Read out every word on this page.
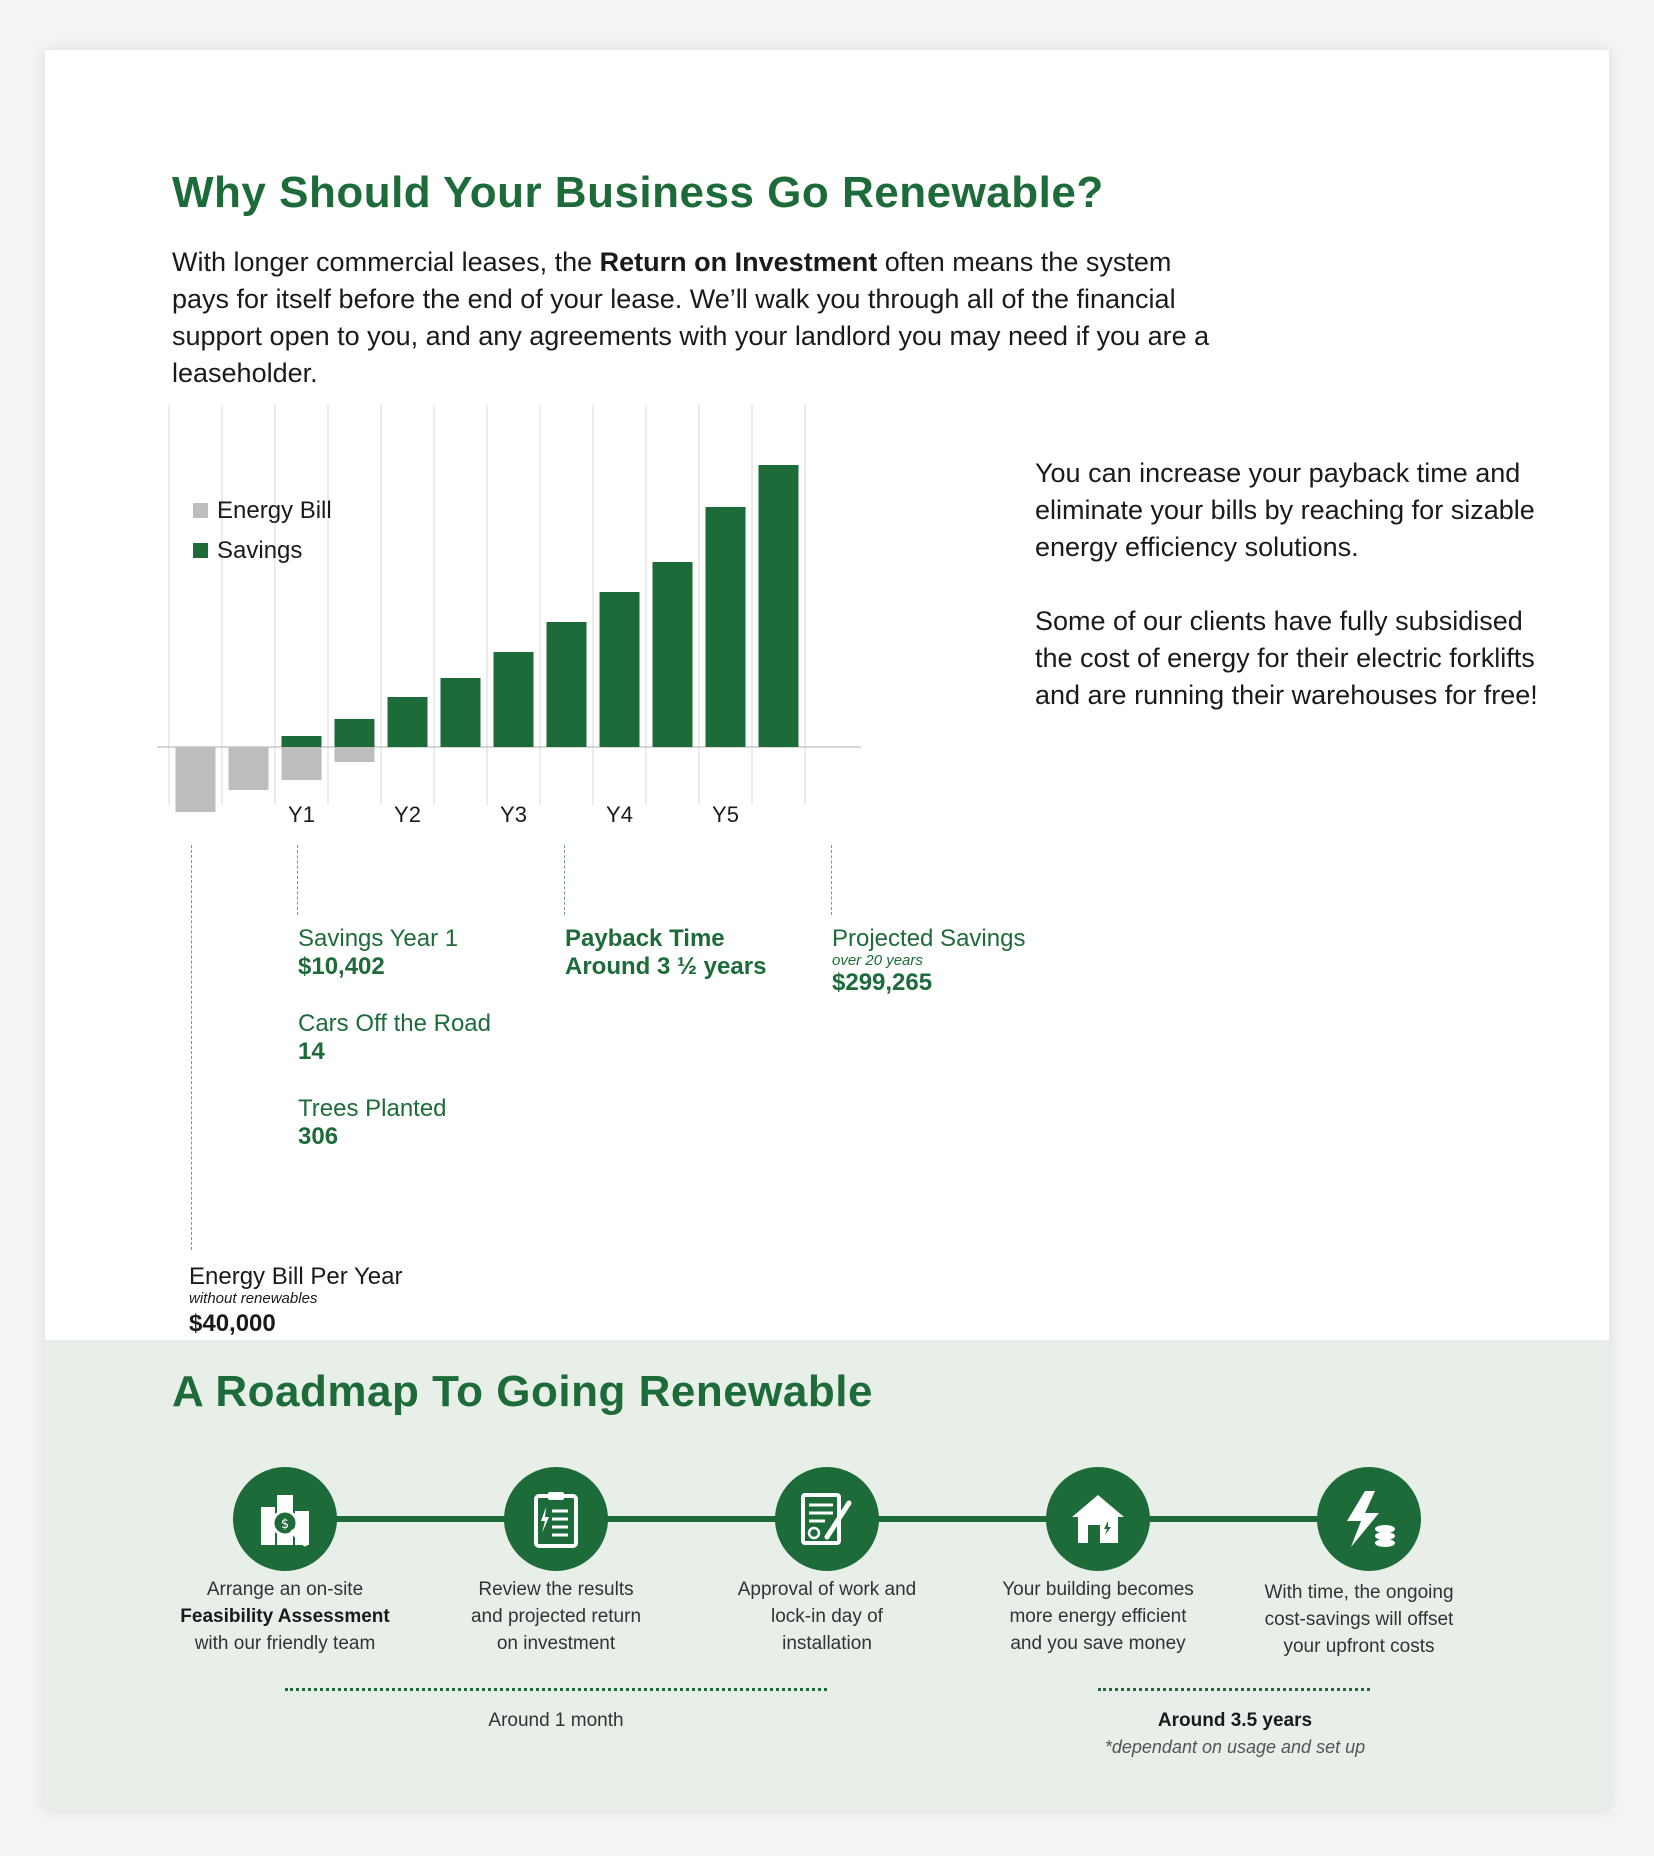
Why Should Your Business Go Renewable?

With longer commercial leases, the Return on Investment often means the system pays for itself before the end of your lease. We’ll walk you through all of the financial support open to you, and any agreements with your landlord you may need if you are a leaseholder.

Y1	Y2	Y3	Y4	Y5
Energy Bill
Savings

You can increase your payback time and eliminate your bills by reaching for sizable energy efficiency solutions.

Some of our clients have fully subsidised the cost of energy for their electric forklifts and are running their warehouses for free!

Savings Year 1
$10,402
Cars Off the Road
14
Trees Planted
306
Payback Time
Around 3 ½ years
Projected Savings
over 20 years
$299,265
Energy Bill Per Year
without renewables
$40,000
A Roadmap To Going Renewable
$
Arrange an on-site
Feasibility Assessment
with our friendly team
Review the results
and projected return
on investment
Approval of work and
lock-in day of
installation
Your building becomes
more energy efficient
and you save money
With time, the ongoing
cost-savings will offset
your upfront costs
Around 1 month	Around 3.5 years
*dependant on usage and set up
